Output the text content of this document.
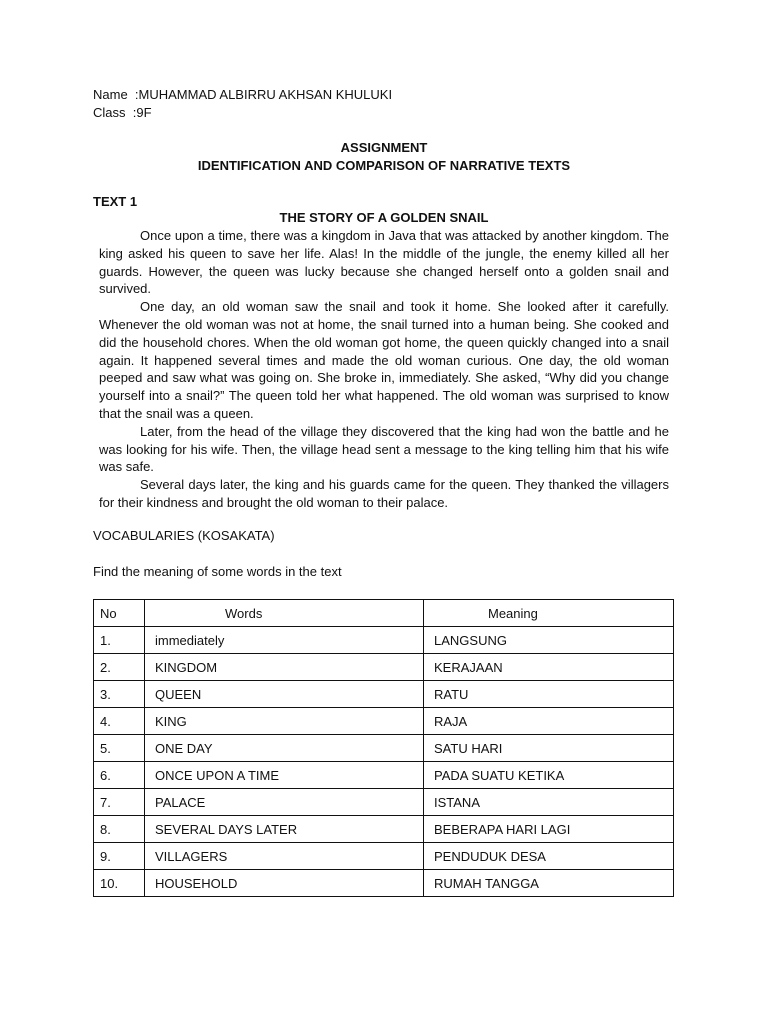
Name  :MUHAMMAD ALBIRRU AKHSAN KHULUKI
Class  :9F
ASSIGNMENT
IDENTIFICATION AND COMPARISON OF NARRATIVE TEXTS
TEXT 1
THE STORY OF A GOLDEN SNAIL

Once upon a time, there was a kingdom in Java that was attacked by another kingdom. The king asked his queen to save her life. Alas! In the middle of the jungle, the enemy killed all her guards. However, the queen was lucky because she changed herself onto a golden snail and survived.

One day, an old woman saw the snail and took it home. She looked after it carefully. Whenever the old woman was not at home, the snail turned into a human being. She cooked and did the household chores. When the old woman got home, the queen quickly changed into a snail again. It happened several times and made the old woman curious. One day, the old woman peeped and saw what was going on. She broke in, immediately. She asked, “Why did you change yourself into a snail?” The queen told her what happened. The old woman was surprised to know that the snail was a queen.

Later, from the head of the village they discovered that the king had won the battle and he was looking for his wife. Then, the village head sent a message to the king telling him that his wife was safe.

Several days later, the king and his guards came for the queen. They thanked the villagers for their kindness and brought the old woman to their palace.

VOCABULARIES (KOSAKATA)
Find the meaning of some words in the text
No	Words	Meaning
1.	immediately	LANGSUNG
2.	KINGDOM	KERAJAAN
3.	QUEEN	RATU
4.	KING	RAJA
5.	ONE DAY	SATU HARI
6.	ONCE UPON A TIME	PADA SUATU KETIKA
7.	PALACE	ISTANA
8.	SEVERAL DAYS LATER	BEBERAPA HARI LAGI
9.	VILLAGERS	PENDUDUK DESA
10.	HOUSEHOLD	RUMAH TANGGA
